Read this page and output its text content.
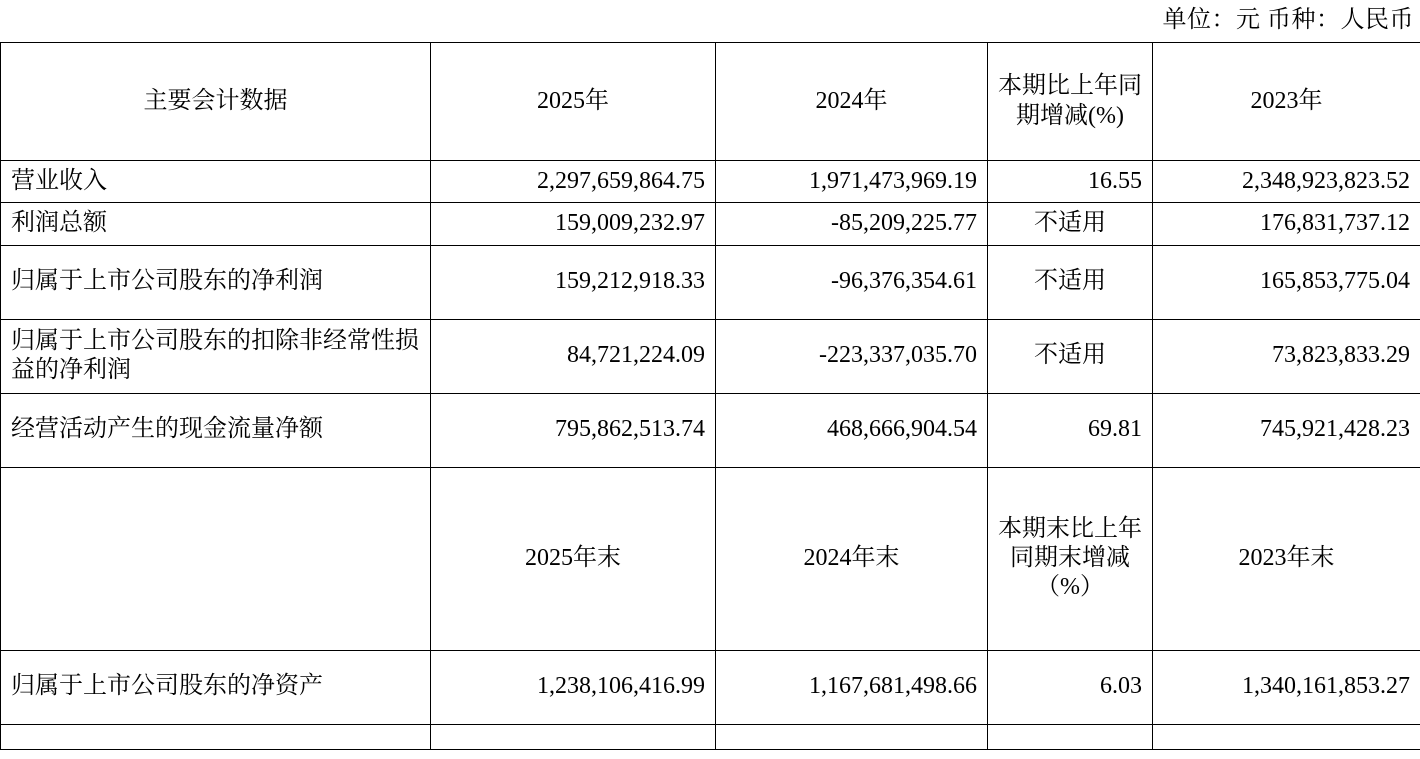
单位：元 币种：人民币
主要会计数据	2025年	2024年	本期比上年同期增减(%)	2023年
营业收入	2,297,659,864.75	1,971,473,969.19	16.55	2,348,923,823.52
利润总额	159,009,232.97	-85,209,225.77	不适用	176,831,737.12
归属于上市公司股东的净利润	159,212,918.33	-96,376,354.61	不适用	165,853,775.04
归属于上市公司股东的扣除非经常性损益的净利润	84,721,224.09	-223,337,035.70	不适用	73,823,833.29
经营活动产生的现金流量净额	795,862,513.74	468,666,904.54	69.81	745,921,428.23
	2025年末	2024年末	本期末比上年同期末增减（%）	2023年末
归属于上市公司股东的净资产	1,238,106,416.99	1,167,681,498.66	6.03	1,340,161,853.27
